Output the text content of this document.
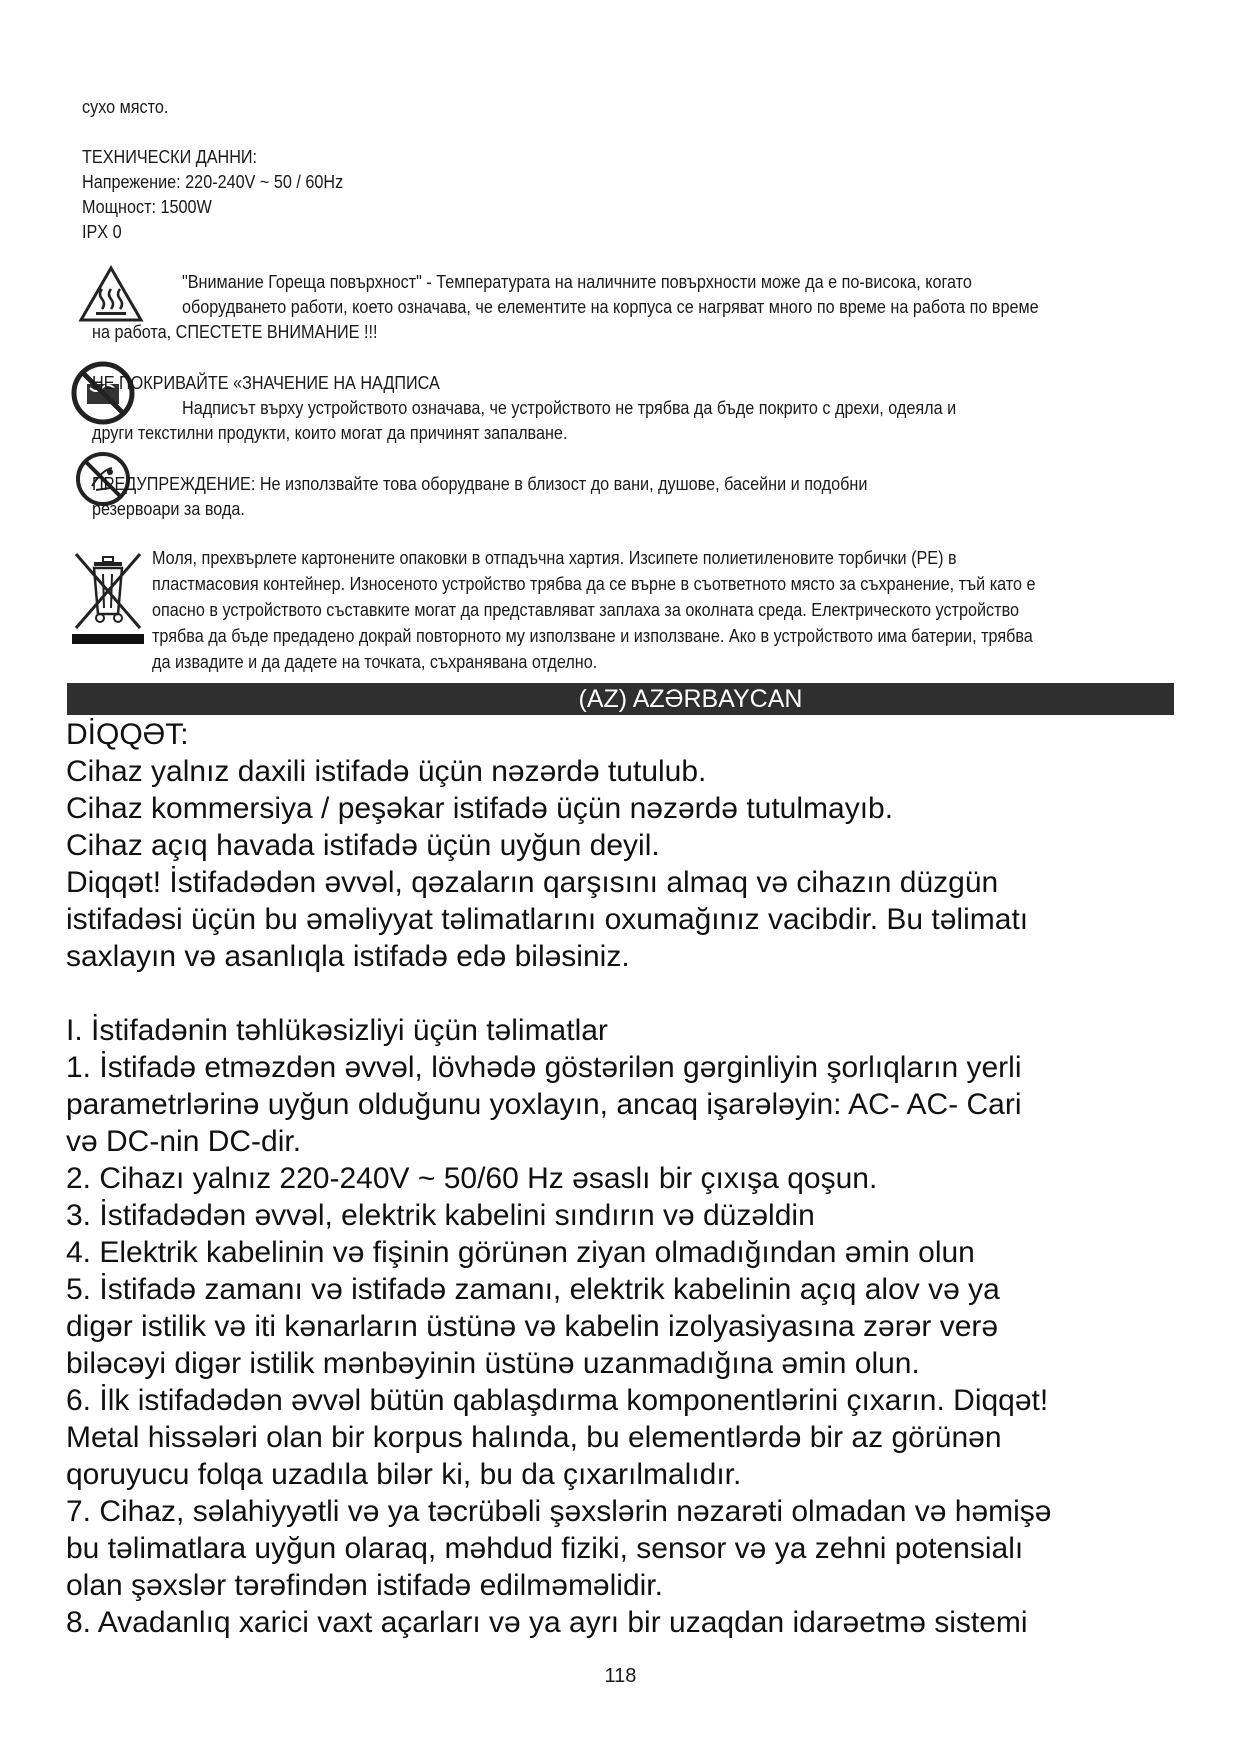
сухо място.
ТЕХНИЧЕСКИ ДАННИ:
Напрежение: 220-240V ~ 50 / 60Hz
Мощност: 1500W
IPX 0
"Внимание Гореща повърхност" - Температурата на наличните повърхности може да е по-висока, когато
оборудването работи, което означава, че елементите на корпуса се нагряват много по време на работа по време
на работа, СПЕСТЕТЕ ВНИМАНИЕ !!!
НЕ ПОКРИВАЙТЕ «ЗНАЧЕНИЕ НА НАДПИСА
Надписът върху устройството означава, че устройството не трябва да бъде покрито с дрехи, одеяла и
други текстилни продукти, които могат да причинят запалване.
ПРЕДУПРЕЖДЕНИЕ: Не използвайте това оборудване в близост до вани, душове, басейни и подобни
резервоари за вода.
Моля, прехвърлете картонените опаковки в отпадъчна хартия. Изсипете полиетиленовите торбички (PE) в
пластмасовия контейнер. Износеното устройство трябва да се върне в съответното място за съхранение, тъй като е
опасно в устройството съставките могат да представляват заплаха за околната среда. Електрическото устройство
трябва да бъде предадено докрай повторното му използване и използване. Ако в устройството има батерии, трябва
да извадите и да дадете на точката, съхранявана отделно.
(AZ) AZƏRBAYCAN
DİQQƏT:
Cihaz yalnız daxili istifadə üçün nəzərdə tutulub.
Cihaz kommersiya / peşəkar istifadə üçün nəzərdə tutulmayıb.
Cihaz açıq havada istifadə üçün uyğun deyil.
Diqqət! İstifadədən əvvəl, qəzaların qarşısını almaq və cihazın düzgün
istifadəsi üçün bu əməliyyat təlimatlarını oxumağınız vacibdir. Bu təlimatı
saxlayın və asanlıqla istifadə edə biləsiniz.
I. İstifadənin təhlükəsizliyi üçün təlimatlar
1. İstifadə etməzdən əvvəl, lövhədə göstərilən gərginliyin şorlıqların yerli
parametrlərinə uyğun olduğunu yoxlayın, ancaq işarələyin: AC- AC- Cari
və DC-nin DC-dir.
2. Cihazı yalnız 220-240V ~ 50/60 Hz əsaslı bir çıxışa qoşun.
3. İstifadədən əvvəl, elektrik kabelini sındırın və düzəldin
4. Elektrik kabelinin və fişinin görünən ziyan olmadığından əmin olun
5. İstifadə zamanı və istifadə zamanı, elektrik kabelinin açıq alov və ya
digər istilik və iti kənarların üstünə və kabelin izolyasiyasına zərər verə
biləcəyi digər istilik mənbəyinin üstünə uzanmadığına əmin olun.
6. İlk istifadədən əvvəl bütün qablaşdırma komponentlərini çıxarın. Diqqət!
Metal hissələri olan bir korpus halında, bu elementlərdə bir az görünən
qoruyucu folqa uzadıla bilər ki, bu da çıxarılmalıdır.
7. Cihaz, səlahiyyətli və ya təcrübəli şəxslərin nəzarəti olmadan və həmişə
bu təlimatlara uyğun olaraq, məhdud fiziki, sensor və ya zehni potensialı
olan şəxslər tərəfindən istifadə edilməməlidir.
8. Avadanlıq xarici vaxt açarları və ya ayrı bir uzaqdan idarəetmə sistemi
118
